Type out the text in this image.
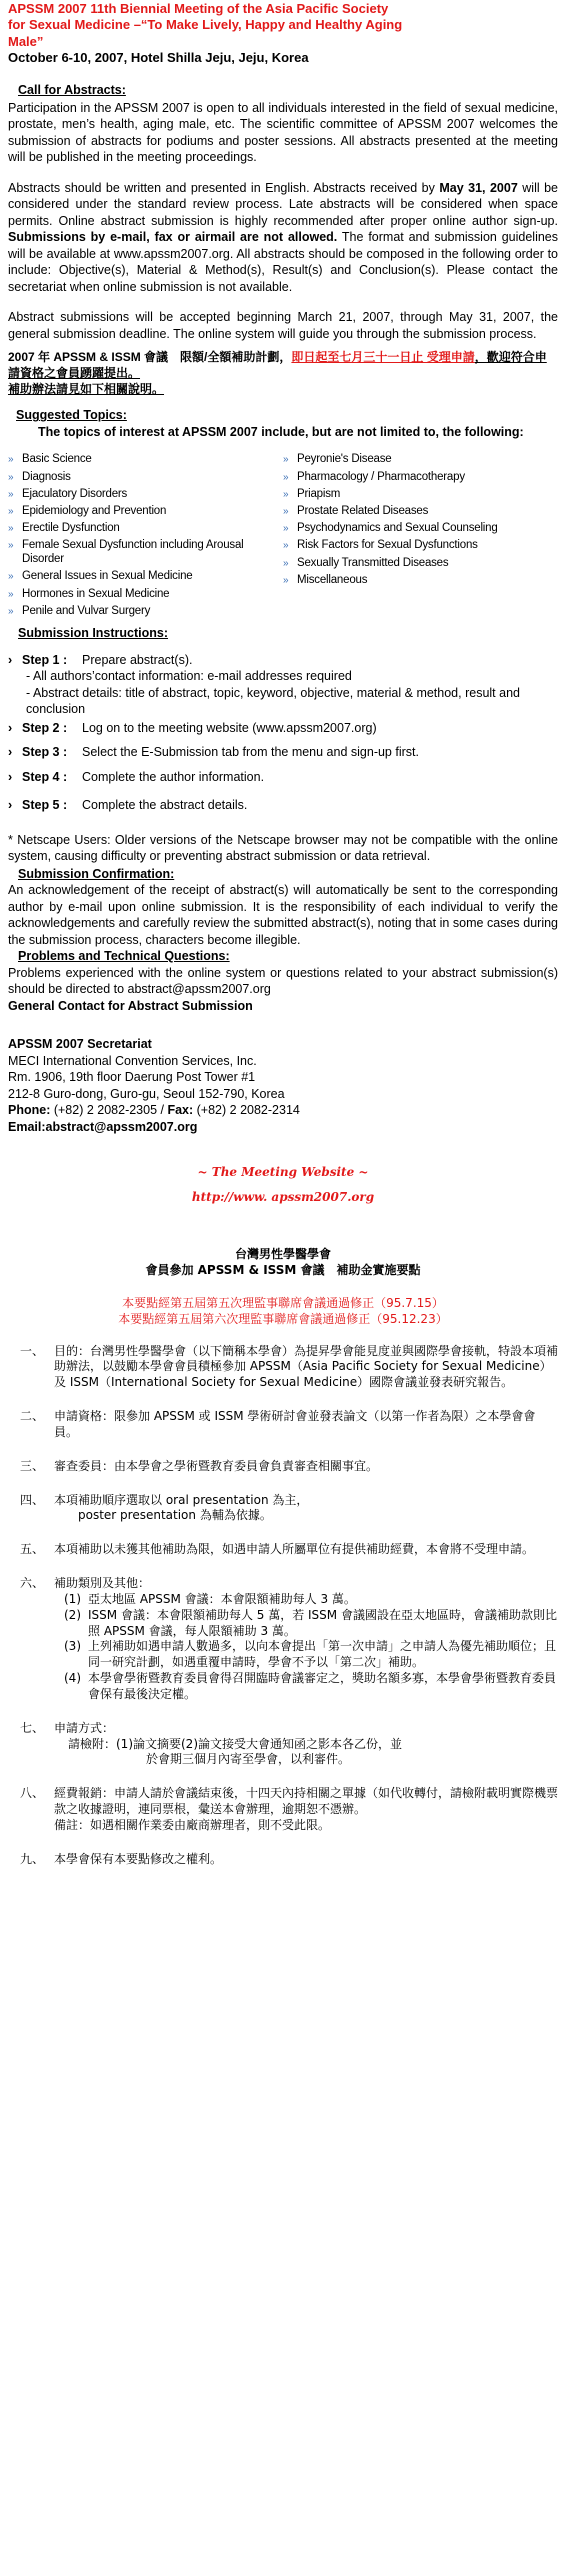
APSSM 2007 11th Biennial Meeting of the Asia Pacific Society
for Sexual Medicine –“To Make Lively, Happy and Healthy Aging
Male”
October 6-10, 2007, Hotel Shilla Jeju, Jeju, Korea
Call for Abstracts:

Participation in the APSSM 2007 is open to all individuals interested in the field of sexual medicine, prostate, men’s health, aging male, etc. The scientific committee of APSSM 2007 welcomes the submission of abstracts for podiums and poster sessions. All abstracts presented at the meeting will be published in the meeting proceedings.

Abstracts should be written and presented in English. Abstracts received by May 31, 2007 will be considered under the standard review process. Late abstracts will be considered when space permits. Online abstract submission is highly recommended after proper online author sign-up. Submissions by e-mail, fax or airmail are not allowed. The format and submission guidelines will be available at www.apssm2007.org. All abstracts should be composed in the following order to include: Objective(s), Material & Method(s), Result(s) and Conclusion(s). Please contact the secretariat when online submission is not available.

Abstract submissions will be accepted beginning March 21, 2007, through May 31, 2007, the general submission deadline. The online system will guide you through the submission process.

2007 年 APSSM & ISSM 會議　限額/全額補助計劃，即日起至七月三十一日止 受理申請，歡迎符合申請資格之會員踴躍提出。
補助辦法請見如下相關說明。
Suggested Topics:
The topics of interest at APSSM 2007 include, but are not limited to, the following:
» Basic Science
» Diagnosis
» Ejaculatory Disorders
» Epidemiology and Prevention
» Erectile Dysfunction
» Female Sexual Dysfunction including Arousal Disorder
» General Issues in Sexual Medicine
» Hormones in Sexual Medicine
» Penile and Vulvar Surgery
» Peyronie's Disease
» Pharmacology / Pharmacotherapy
» Priapism
» Prostate Related Diseases
» Psychodynamics and Sexual Counseling
» Risk Factors for Sexual Dysfunctions
» Sexually Transmitted Diseases
» Miscellaneous
Submission Instructions:
› Step 1 :	Prepare abstract(s).
- All authors’contact information: e-mail addresses required
- Abstract details: title of abstract, topic, keyword, objective, material & method, result and conclusion
› Step 2 :	Log on to the meeting website (www.apssm2007.org)
› Step 3 :	Select the E-Submission tab from the menu and sign-up first.
› Step 4 :	Complete the author information.
› Step 5 :	Complete the abstract details.

* Netscape Users: Older versions of the Netscape browser may not be compatible with the online system, causing difficulty or preventing abstract submission or data retrieval.

Submission Confirmation:

An acknowledgement of the receipt of abstract(s) will automatically be sent to the corresponding author by e-mail upon online submission. It is the responsibility of each individual to verify the acknowledgements and carefully review the submitted abstract(s), noting that in some cases during the submission process, characters become illegible.

Problems and Technical Questions:

Problems experienced with the online system or questions related to your abstract submission(s) should be directed to abstract@apssm2007.org

General Contact for Abstract Submission
APSSM 2007 Secretariat
MECI International Convention Services, Inc.
Rm. 1906, 19th floor Daerung Post Tower #1
212-8 Guro-dong, Guro-gu, Seoul 152-790, Korea
Phone: (+82) 2 2082-2305 / Fax: (+82) 2 2082-2314
Email:abstract@apssm2007.org
~ The Meeting Website ~
http://www. apssm2007.org
台灣男性學醫學會
會員參加 APSSM & ISSM 會議　補助金實施要點
本要點經第五屆第五次理監事聯席會議通過修正（95.7.15）
本要點經第五屆第六次理監事聯席會議通過修正（95.12.23）
一、 目的：台灣男性學醫學會（以下簡稱本學會）為提昇學會能見度並與國際學會接軌，特設本項補助辦法，以鼓勵本學會會員積極參加 APSSM（Asia Pacific Society for Sexual Medicine）及 ISSM（International Society for Sexual Medicine）國際會議並發表研究報告。
二、 申請資格：限參加 APSSM 或 ISSM 學術研討會並發表論文（以第一作者為限）之本學會會員。
三、 審查委員：由本學會之學術暨教育委員會負責審查相關事宜。
四、 本項補助順序選取以 oral presentation 為主，
poster presentation 為輔為依據。
五、 本項補助以未獲其他補助為限，如遇申請人所屬單位有提供補助經費，本會將不受理申請。
六、 補助類別及其他：
(1) 亞太地區 APSSM 會議：本會限額補助每人 3 萬。
(2) ISSM 會議：本會限額補助每人 5 萬，若 ISSM 會議國設在亞太地區時，會議補助款則比照 APSSM 會議，每人限額補助 3 萬。
(3) 上列補助如遇申請人數過多，以向本會提出「第一次申請」之申請人為優先補助順位；且同一研究計劃，如遇重覆申請時，學會不予以「第二次」補助。
(4) 本學會學術暨教育委員會得召開臨時會議審定之，獎助名額多寡，本學會學術暨教育委員會保有最後決定權。
七、 申請方式：
請檢附：(1)論文摘要(2)論文接受大會通知函之影本各乙份，並
於會期三個月內寄至學會，以利審件。
八、 經費報銷：申請人請於會議結束後，十四天內持相關之單據（如代收轉付，請檢附載明實際機票款之收據證明，連同票根，彙送本會辦理，逾期恕不憑辦。
備註：如遇相關作業委由廠商辦理者，則不受此限。
九、 本學會保有本要點修改之權利。
